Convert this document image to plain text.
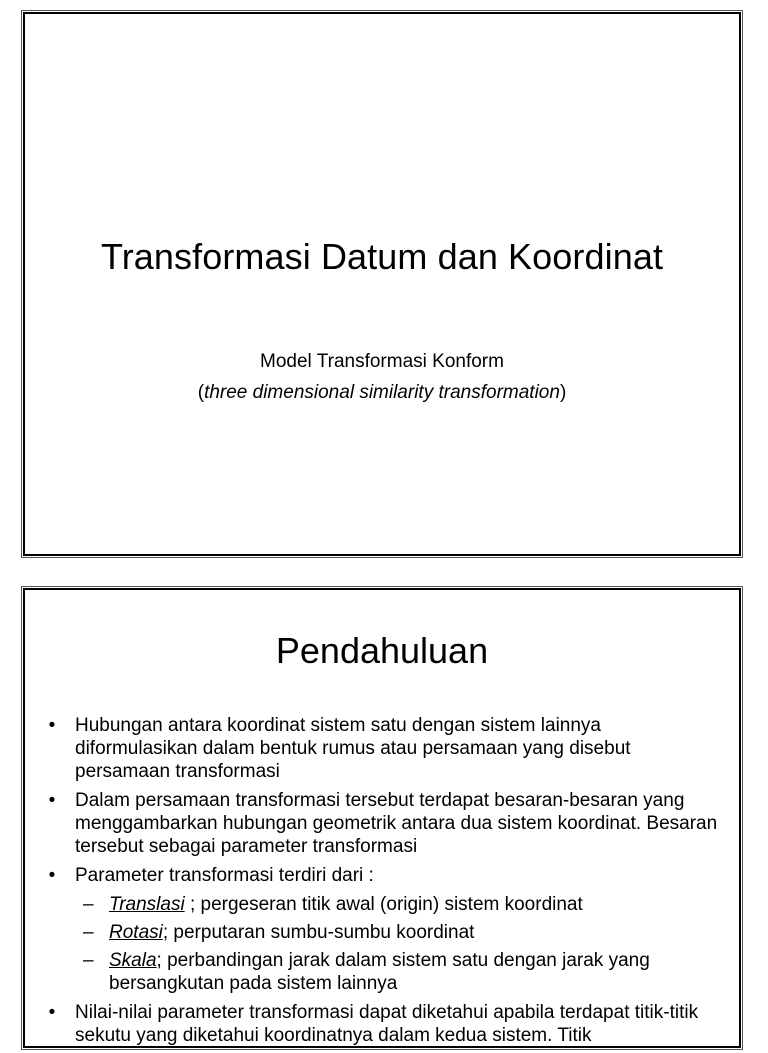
Transformasi Datum dan Koordinat
Model Transformasi Konform
(three dimensional similarity transformation)
Pendahuluan
• Hubungan antara koordinat sistem satu dengan sistem lainnya diformulasikan dalam bentuk rumus atau persamaan yang disebut persamaan transformasi
• Dalam persamaan transformasi tersebut terdapat besaran-besaran yang menggambarkan hubungan geometrik antara dua sistem koordinat. Besaran tersebut sebagai parameter transformasi
• Parameter transformasi terdiri dari :
– Translasi ; pergeseran titik awal (origin) sistem koordinat
– Rotasi; perputaran sumbu-sumbu koordinat
– Skala; perbandingan jarak dalam sistem satu dengan jarak yang bersangkutan pada sistem lainnya
• Nilai-nilai parameter transformasi dapat diketahui apabila terdapat titik-titik sekutu yang diketahui koordinatnya dalam kedua sistem. Titik
